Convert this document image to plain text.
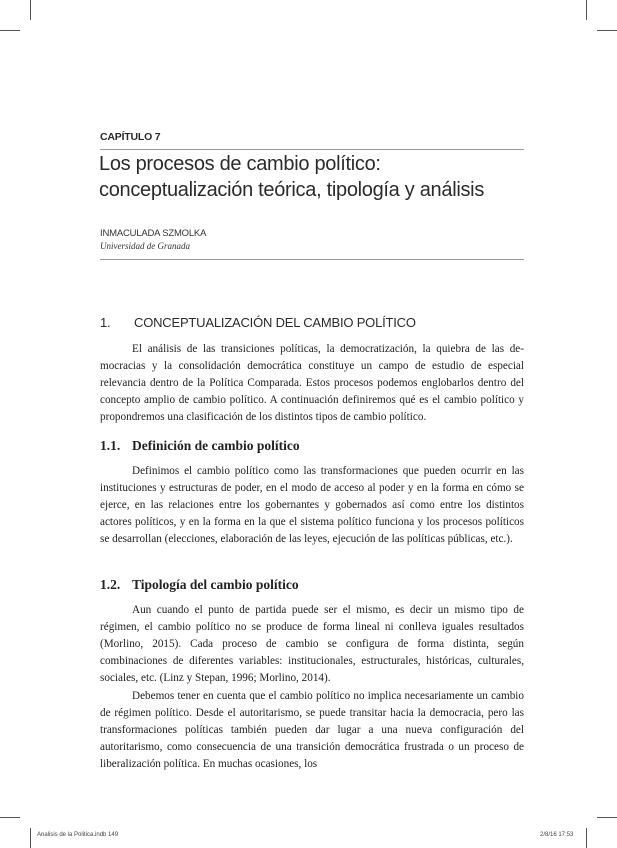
CAPÍTULO 7
Los procesos de cambio político: conceptualización teórica, tipología y análisis
INMACULADA SZMOLKA
Universidad de Granada
1. CONCEPTUALIZACIÓN DEL CAMBIO POLÍTICO

El análisis de las transiciones políticas, la democratización, la quiebra de las democracias y la consolidación democrática constituye un campo de estudio de especial relevancia dentro de la Política Comparada. Estos procesos podemos englobarlos dentro del concepto amplio de cambio político. A continuación definiremos qué es el cambio político y propondremos una clasificación de los distintos tipos de cambio político.

1.1. Definición de cambio político

Definimos el cambio político como las transformaciones que pueden ocurrir en las instituciones y estructuras de poder, en el modo de acceso al poder y en la forma en cómo se ejerce, en las relaciones entre los gobernantes y gobernados así como entre los distintos actores políticos, y en la forma en la que el sistema político funciona y los procesos políticos se desarrollan (elecciones, elaboración de las leyes, ejecución de las políticas públicas, etc.).

1.2. Tipología del cambio político

Aun cuando el punto de partida puede ser el mismo, es decir un mismo tipo de régimen, el cambio político no se produce de forma lineal ni conlleva iguales resultados (Morlino, 2015). Cada proceso de cambio se configura de forma distinta, según combinaciones de diferentes variables: institucionales, estructurales, históricas, culturales, sociales, etc. (Linz y Stepan, 1996; Morlino, 2014).

Debemos tener en cuenta que el cambio político no implica necesariamente un cambio de régimen político. Desde el autoritarismo, se puede transitar hacia la democracia, pero las transformaciones políticas también pueden dar lugar a una nueva configuración del autoritarismo, como consecuencia de una transición democrática frustrada o un proceso de liberalización política. En muchas ocasiones, los

Analisis de la Politica.indb 149	2/8/16 17:53
